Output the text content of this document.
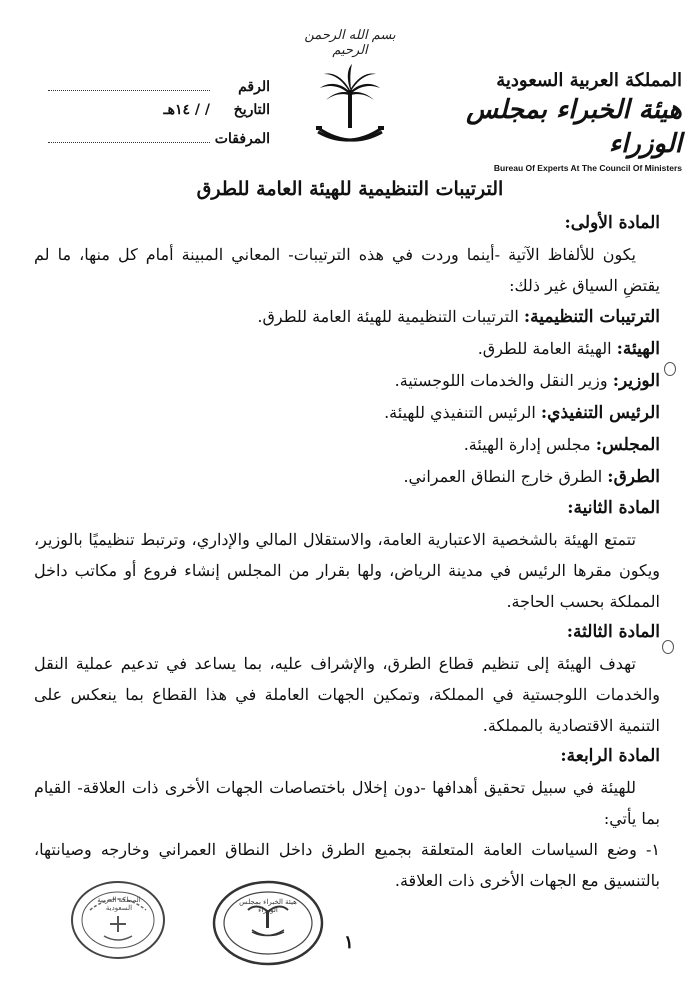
بسم الله الرحمن الرحيم
المملكة العربية السعودية
هيئة الخبراء بمجلس الوزراء
Bureau Of Experts At The Council Of Ministers
الرقم
التاريخ
/ / ١٤هـ
المرفقات
الترتيبات التنظيمية للهيئة العامة للطرق
المادة الأولى:
يكون للألفاظ الآتية -أينما وردت في هذه الترتيبات- المعاني المبينة أمام كل منها، ما لم يقتضِ السياق غير ذلك:
الترتيبات التنظيمية: الترتيبات التنظيمية للهيئة العامة للطرق.
الهيئة: الهيئة العامة للطرق.
الوزير: وزير النقل والخدمات اللوجستية.
الرئيس التنفيذي: الرئيس التنفيذي للهيئة.
المجلس: مجلس إدارة الهيئة.
الطرق: الطرق خارج النطاق العمراني.
المادة الثانية:
تتمتع الهيئة بالشخصية الاعتبارية العامة، والاستقلال المالي والإداري، وترتبط تنظيميًا بالوزير، ويكون مقرها الرئيس في مدينة الرياض، ولها بقرار من المجلس إنشاء فروع أو مكاتب داخل المملكة بحسب الحاجة.
المادة الثالثة:
تهدف الهيئة إلى تنظيم قطاع الطرق، والإشراف عليه، بما يساعد في تدعيم عملية النقل والخدمات اللوجستية في المملكة، وتمكين الجهات العاملة في هذا القطاع بما ينعكس على التنمية الاقتصادية بالمملكة.
المادة الرابعة:
للهيئة في سبيل تحقيق أهدافها -دون إخلال باختصاصات الجهات الأخرى ذات العلاقة- القيام بما يأتي:
١- وضع السياسات العامة المتعلقة بجميع الطرق داخل النطاق العمراني وخارجه وصيانتها، بالتنسيق مع الجهات الأخرى ذات العلاقة.
المملكة العربية السعودية
هيئة الخبراء بمجلس الوزراء
١
